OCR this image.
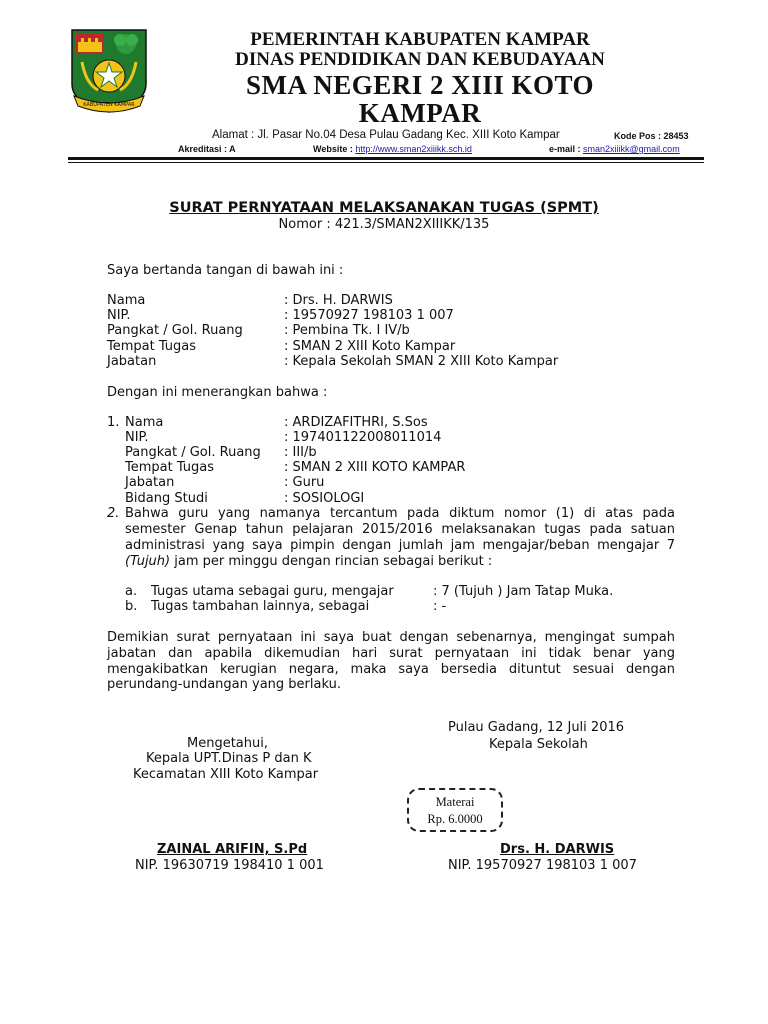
KABUPATEN KAMPAR
PEMERINTAH KABUPATEN KAMPAR
DINAS PENDIDIKAN DAN KEBUDAYAAN
SMA NEGERI 2 XIII KOTO
KAMPAR
Alamat : Jl. Pasar No.04 Desa Pulau Gadang Kec. XIII Koto Kampar	Kode Pos : 28453
Akreditasi : A	Website : http://www.sman2xiiikk.sch.id	e-mail : sman2xiiikk@gmail.com
SURAT PERNYATAAN MELAKSANAKAN TUGAS (SPMT)
Nomor : 421.3/SMAN2XIIIKK/135
Saya bertanda tangan di bawah ini :
Nama	: Drs. H. DARWIS
NIP.	: 19570927 198103 1 007
Pangkat / Gol. Ruang	: Pembina Tk. I IV/b
Tempat Tugas	: SMAN 2 XIII Koto Kampar
Jabatan	: Kepala Sekolah SMAN 2 XIII Koto Kampar
Dengan ini menerangkan bahwa :
1. Nama	: ARDIZAFITHRI, S.Sos
NIP.	: 197401122008011014
Pangkat / Gol. Ruang : III/b
Tempat Tugas	: SMAN 2 XIII KOTO KAMPAR
Jabatan	: Guru
Bidang Studi	: SOSIOLOGI
2. Bahwa guru yang namanya tercantum pada diktum nomor (1) di atas pada
semester Genap tahun pelajaran 2015/2016 melaksanakan tugas pada satuan
administrasi yang saya pimpin dengan jumlah jam mengajar/beban mengajar 7
(Tujuh) jam per minggu dengan rincian sebagai berikut :
a. Tugas utama sebagai guru, mengajar	: 7 (Tujuh ) Jam Tatap Muka.
b. Tugas tambahan lainnya, sebagai	: -
Demikian surat pernyataan ini saya buat dengan sebenarnya, mengingat sumpah
jabatan dan apabila dikemudian hari surat pernyataan ini tidak benar yang
mengakibatkan kerugian negara, maka saya bersedia dituntut sesuai dengan
perundang-undangan yang berlaku.
Pulau Gadang, 12 Juli 2016
Kepala Sekolah
Mengetahui,
Kepala UPT.Dinas P dan K
Kecamatan XIII Koto Kampar
Materai
Rp. 6.0000
ZAINAL ARIFIN, S.Pd
NIP. 19630719 198410 1 001
Drs. H. DARWIS
NIP. 19570927 198103 1 007
